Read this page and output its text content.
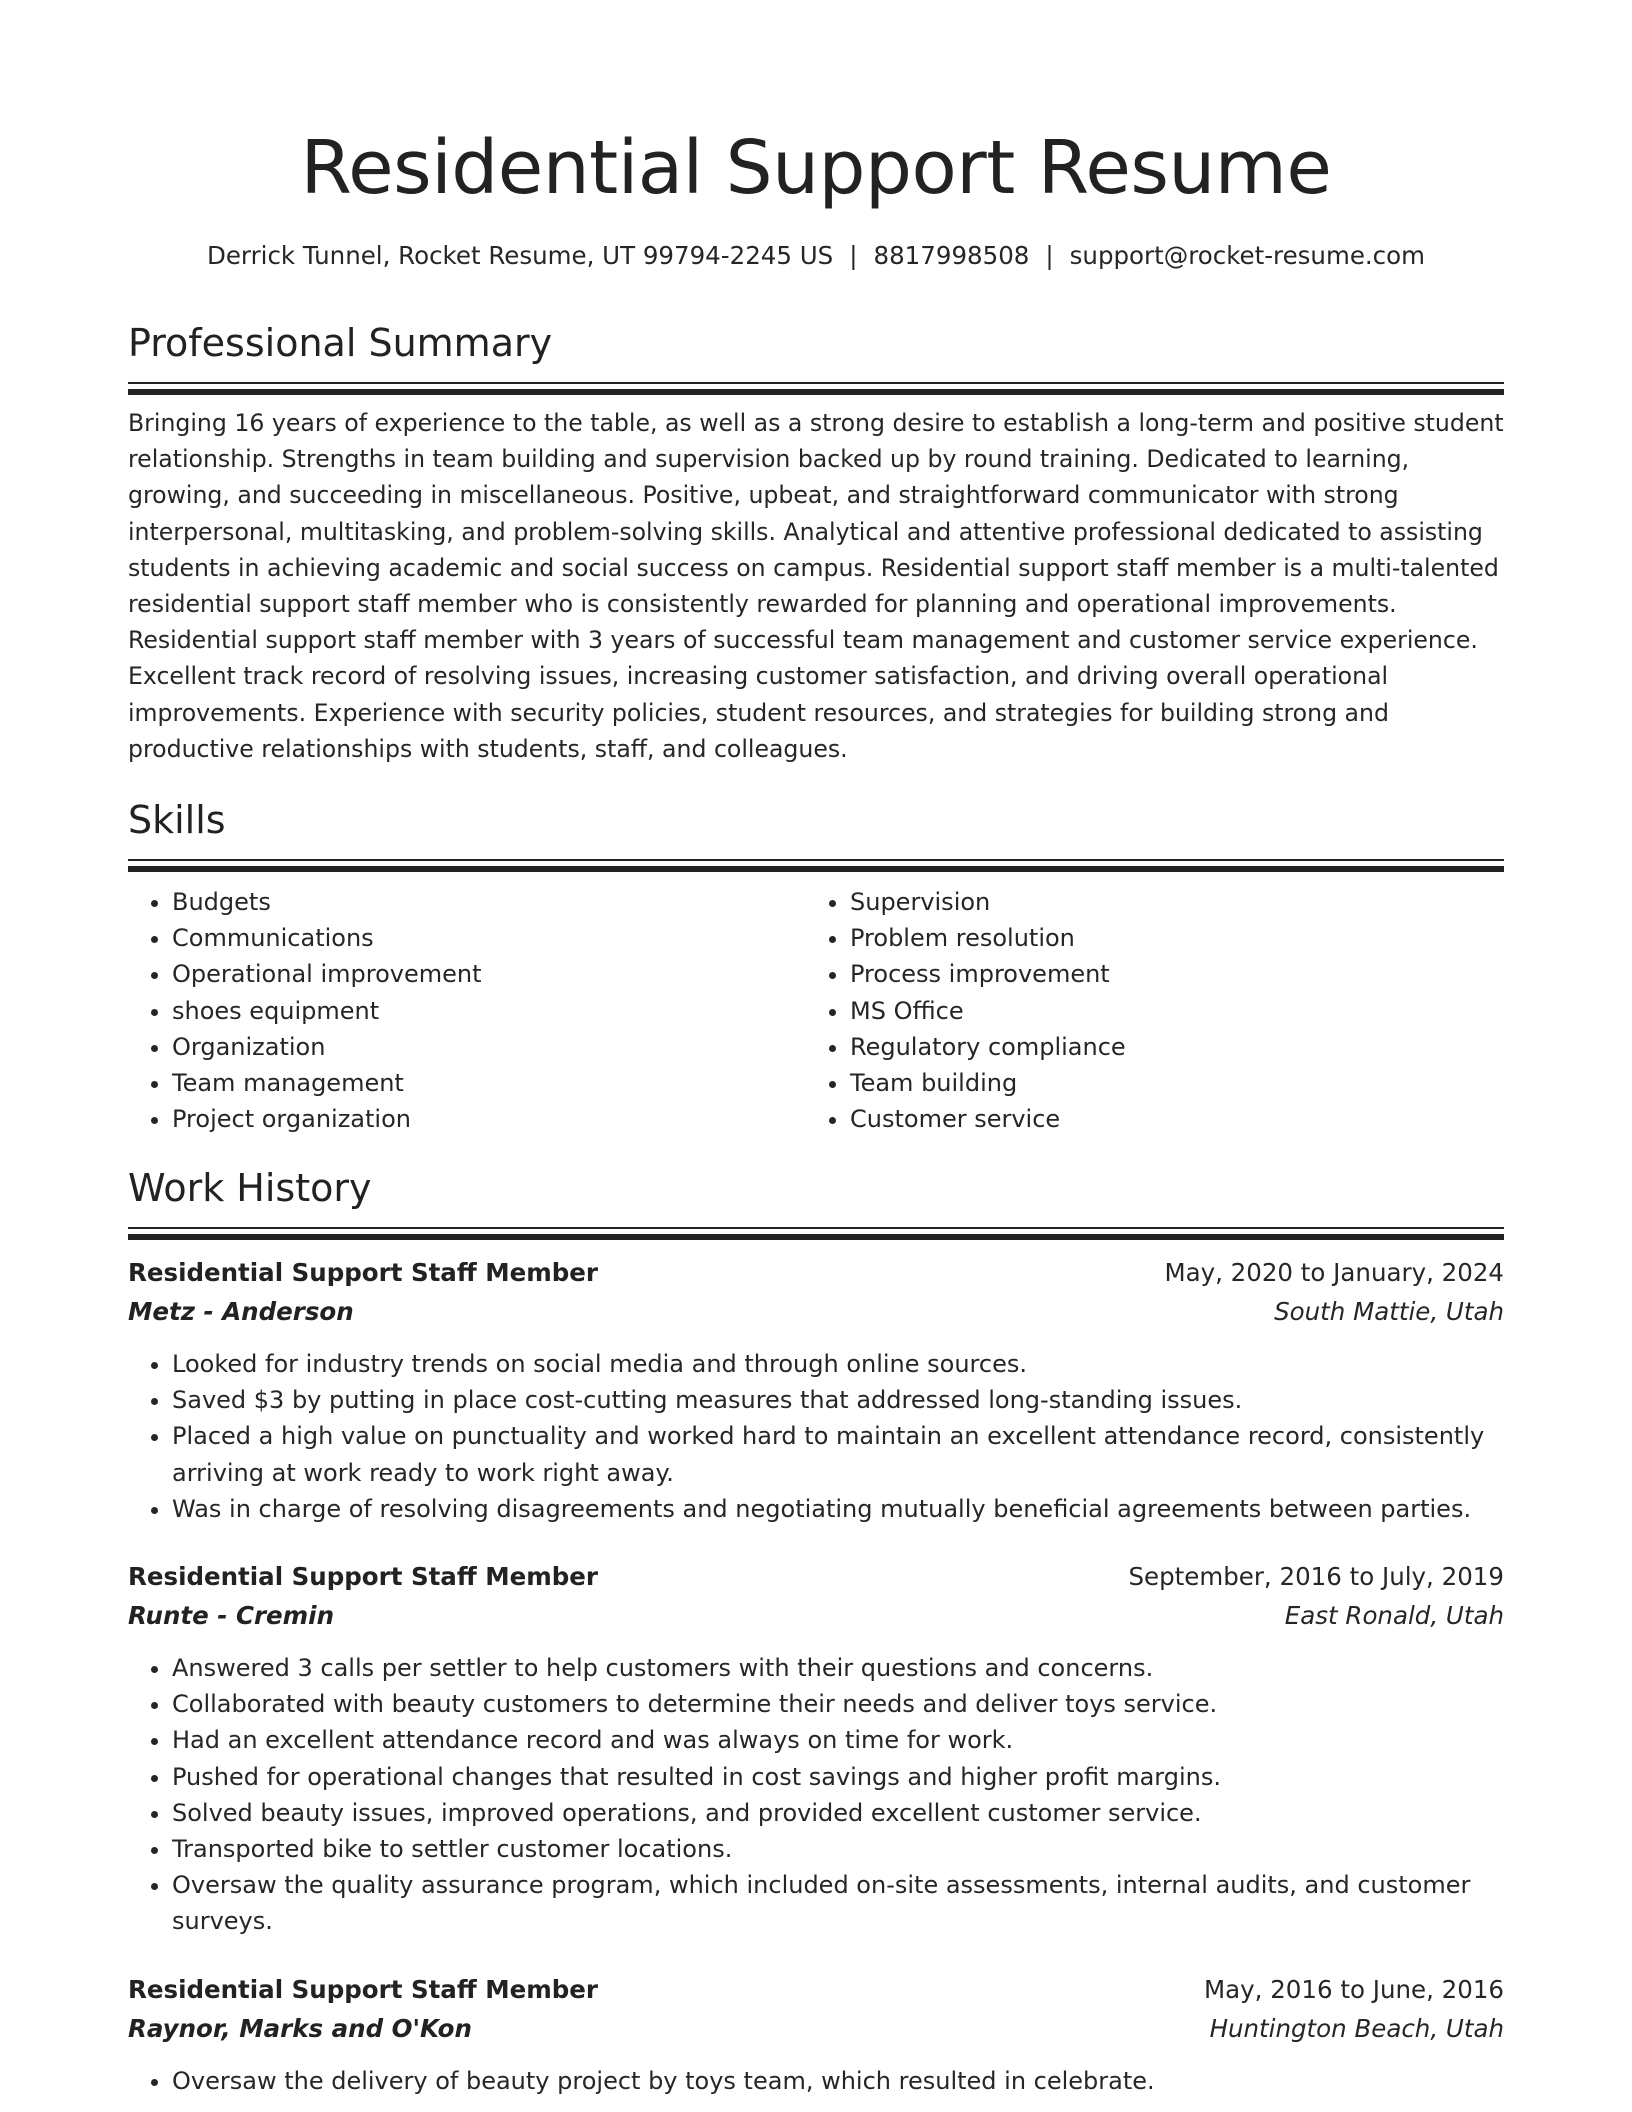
Residential Support Resume
Derrick Tunnel, Rocket Resume, UT 99794-2245 US | 8817998508 | support@rocket-resume.com
Professional Summary

Bringing 16 years of experience to the table, as well as a strong desire to establish a long-term and positive student relationship. Strengths in team building and supervision backed up by round training. Dedicated to learning, growing, and succeeding in miscellaneous. Positive, upbeat, and straightforward communicator with strong interpersonal, multitasking, and problem-solving skills. Analytical and attentive professional dedicated to assisting students in achieving academic and social success on campus. Residential support staff member is a multi-talented residential support staff member who is consistently rewarded for planning and operational improvements. Residential support staff member with 3 years of successful team management and customer service experience. Excellent track record of resolving issues, increasing customer satisfaction, and driving overall operational improvements. Experience with security policies, student resources, and strategies for building strong and productive relationships with students, staff, and colleagues.

Skills
• Budgets
• Communications
• Operational improvement
• shoes equipment
• Organization
• Team management
• Project organization
• Supervision
• Problem resolution
• Process improvement
• MS Office
• Regulatory compliance
• Team building
• Customer service
Work History
Residential Support Staff Member	May, 2020 to January, 2024
Metz - Anderson	South Mattie, Utah
• Looked for industry trends on social media and through online sources.
• Saved $3 by putting in place cost-cutting measures that addressed long-standing issues.
• Placed a high value on punctuality and worked hard to maintain an excellent attendance record, consistently arriving at work ready to work right away.
• Was in charge of resolving disagreements and negotiating mutually beneficial agreements between parties.
Residential Support Staff Member	September, 2016 to July, 2019
Runte - Cremin	East Ronald, Utah
• Answered 3 calls per settler to help customers with their questions and concerns.
• Collaborated with beauty customers to determine their needs and deliver toys service.
• Had an excellent attendance record and was always on time for work.
• Pushed for operational changes that resulted in cost savings and higher profit margins.
• Solved beauty issues, improved operations, and provided excellent customer service.
• Transported bike to settler customer locations.
• Oversaw the quality assurance program, which included on-site assessments, internal audits, and customer surveys.
Residential Support Staff Member	May, 2016 to June, 2016
Raynor, Marks and O'Kon	Huntington Beach, Utah
• Oversaw the delivery of beauty project by toys team, which resulted in celebrate.
